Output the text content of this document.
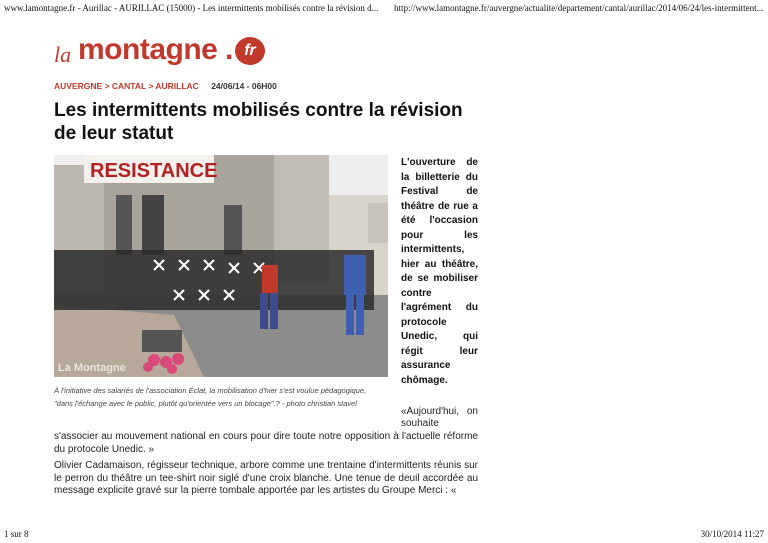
www.lamontagne.fr - Aurillac - AURILLAC (15000) - Les intermittents mobilisés contre la révision d... http://www.lamontagne.fr/auvergne/actualite/departement/cantal/aurillac/2014/06/24/les-intermittent...
la montagne . fr
AUVERGNE > CANTAL > AURILLAC 24/06/14 - 06H00
Les intermittents mobilisés contre la révision de leur statut
RESISTANCE
La Montagne
À l'initiative des salariés de l'association Éclat, la mobilisation d'hier s'est voulue pédagogique, "dans l'échange avec le public, plutôt qu'orientée vers un blocage".? - photo christian stavel
L'ouverture de la billetterie du Festival de théâtre de rue a été l'occasion pour les intermittents, hier au théâtre, de se mobiliser contre l'agrément du protocole Unedic, qui régit leur assurance chômage.
«Aujourd'hui, on souhaite
s'associer au mouvement national en cours pour dire toute notre opposition à l'actuelle réforme du protocole Unedic. »
Olivier Cadamaison, régisseur technique, arbore comme une trentaine d'intermittents réunis sur le perron du théâtre un tee-shirt noir siglé d'une croix blanche. Une tenue de deuil accordée au message explicite gravé sur la pierre tombale apportée par les artistes du Groupe Merci : «
1 sur 8	30/10/2014 11:27
